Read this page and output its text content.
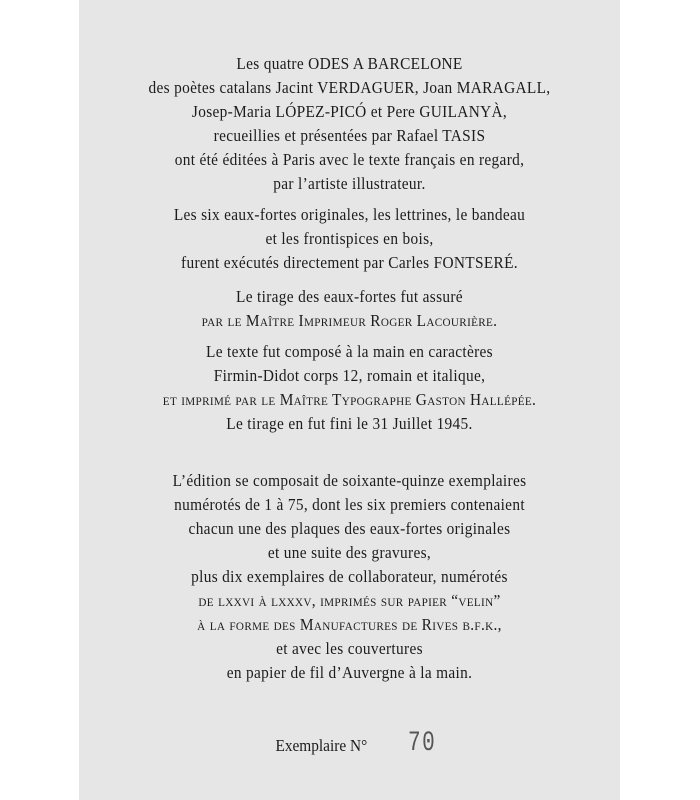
Les quatre ODES A BARCELONE
des poètes catalans Jacint VERDAGUER, Joan MARAGALL,
Josep-Maria LÓPEZ-PICÓ et Pere GUILANYÀ,
recueillies et présentées par Rafael TASIS
ont été éditées à Paris avec le texte français en regard,
par l’artiste illustrateur.
Les six eaux-fortes originales, les lettrines, le bandeau
et les frontispices en bois,
furent exécutés directement par Carles FONTSERÉ.
Le tirage des eaux-fortes fut assuré
par le Maître Imprimeur Roger Lacourière.
Le texte fut composé à la main en caractères
Firmin-Didot corps 12, romain et italique,
et imprimé par le Maître Typographe Gaston Hallépée.
Le tirage en fut fini le 31 Juillet 1945.
L’édition se composait de soixante-quinze exemplaires
numérotés de 1 à 75, dont les six premiers contenaient
chacun une des plaques des eaux-fortes originales
et une suite des gravures,
plus dix exemplaires de collaborateur, numérotés
de lxxvi à lxxxv, imprimés sur papier “velin”
à la forme des Manufactures de Rives b.f.k.,
et avec les couvertures
en papier de fil d’Auvergne à la main.
Exemplaire N° 70
